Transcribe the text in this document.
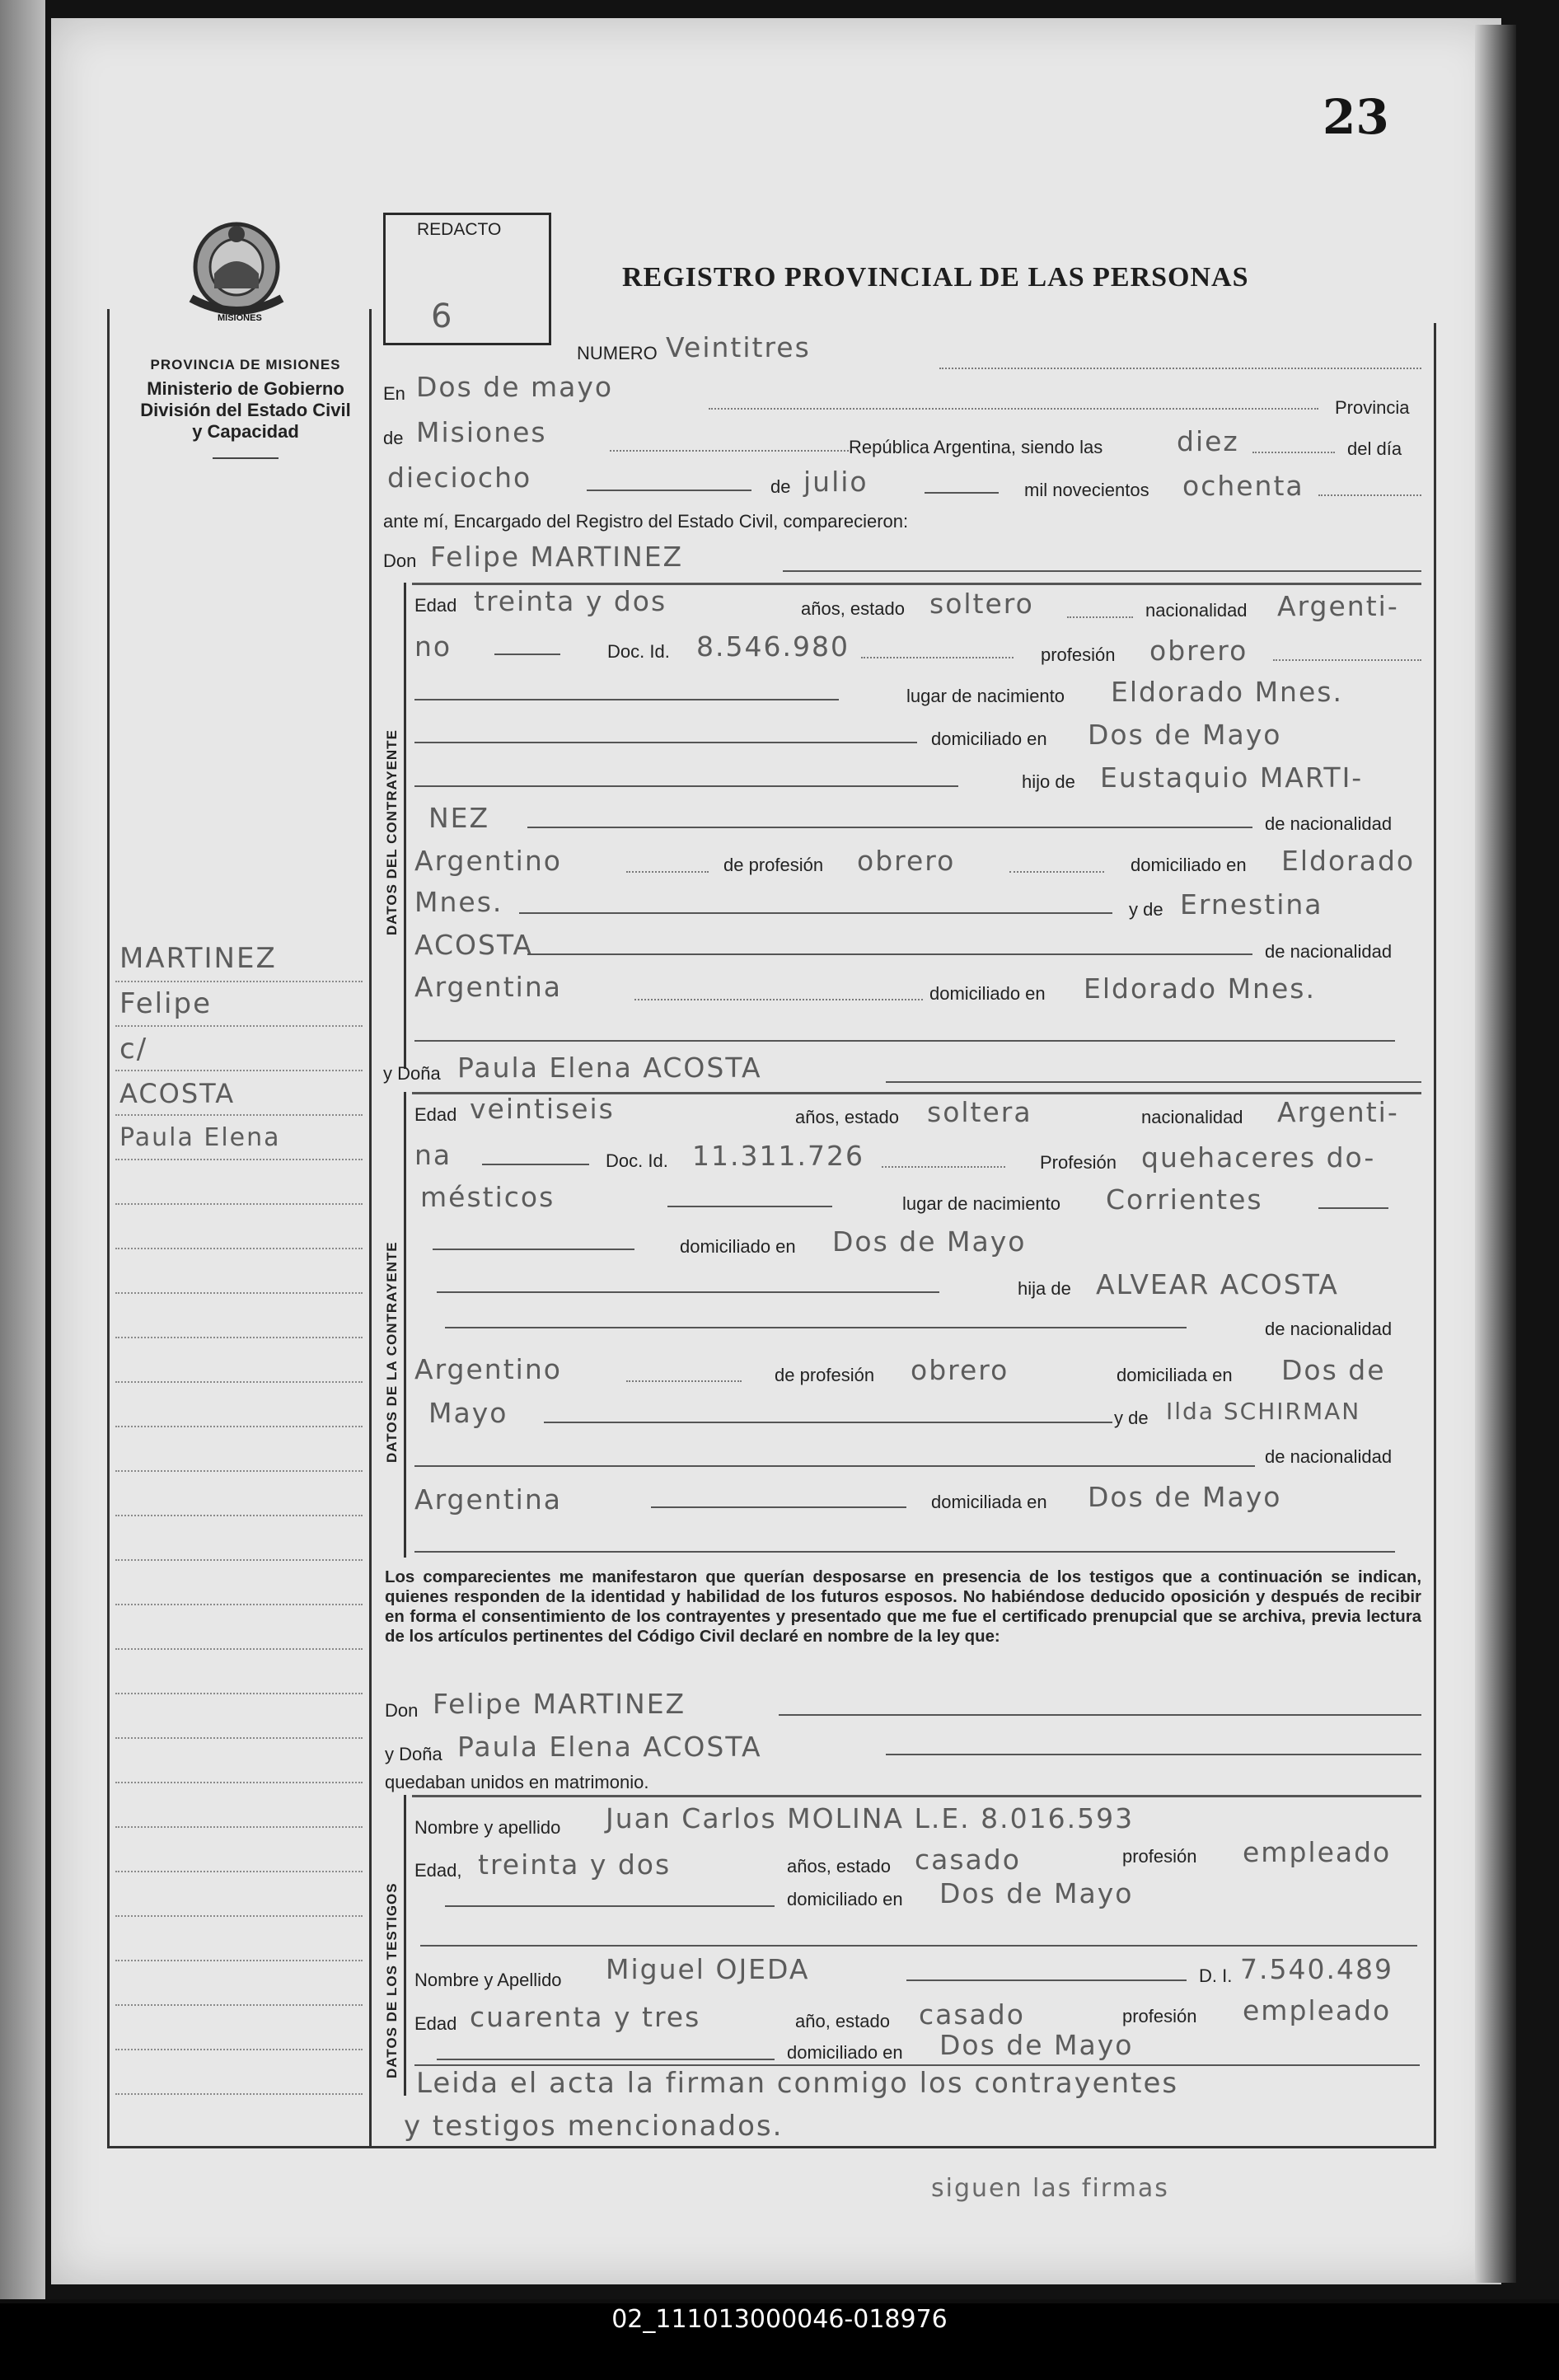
23
REDACTO
6
REGISTRO PROVINCIAL DE LAS PERSONAS
MISIONES
PROVINCIA DE MISIONES
Ministerio de Gobierno
División del Estado Civil
y Capacidad
MARTINEZ
Felipe
c/
ACOSTA
Paula Elena
NUMERO Veintitres
En Dos de mayo
Provincia
de Misiones	República Argentina, siendo las	diez	del día
dieciocho	de julio	mil novecientos ochenta
ante mí, Encargado del Registro del Estado Civil, comparecieron:
Don Felipe MARTINEZ
DATOS DEL CONTRAYENTE
Edad treinta y dos	años, estado soltero	nacionalidad Argenti-
no	Doc. Id. 8.546.980	profesión obrero
lugar de nacimiento Eldorado Mnes.
domiciliado en Dos de Mayo
hijo de Eustaquio MARTI-
NEZ	de nacionalidad
Argentino	de profesión obrero	domiciliado en Eldorado
Mnes.	y de Ernestina
ACOSTA	de nacionalidad
Argentina	domiciliado en Eldorado Mnes.
y Doña Paula Elena ACOSTA
DATOS DE LA CONTRAYENTE
Edad veintiseis	años, estado soltera	nacionalidad Argenti-
na	Doc. Id. 11.311.726	Profesión quehaceres do-
mésticos	lugar de nacimiento Corrientes
domiciliado en Dos de Mayo
hija de ALVEAR ACOSTA
de nacionalidad
Argentino	de profesión obrero	domiciliada en Dos de
Mayo	y de Ilda SCHIRMAN
de nacionalidad
Argentina	domiciliada en Dos de Mayo
Los comparecientes me manifestaron que querían desposarse en presencia de los testigos que a continuación se indican, quienes responden de la identidad y habilidad de los futuros esposos. No habiéndose deducido oposición y después de recibir en forma el consentimiento de los contrayentes y presentado que me fue el certificado prenupcial que se archiva, previa lectura de los artículos pertinentes del Código Civil declaré en nombre de la ley que:
Don Felipe MARTINEZ
y Doña Paula Elena ACOSTA
quedaban unidos en matrimonio.
DATOS DE LOS TESTIGOS
Nombre y apellido Juan Carlos MOLINA L.E. 8.016.593
Edad, treinta y dos	años, estado casado	profesión empleado
domiciliado en Dos de Mayo
Nombre y Apellido Miguel OJEDA	D. I. 7.540.489
Edad cuarenta y tres	año, estado casado	profesión empleado
domiciliado en Dos de Mayo
Leida el acta la firman conmigo los contrayentes
y testigos mencionados.
siguen las firmas
02_111013000046-018976
